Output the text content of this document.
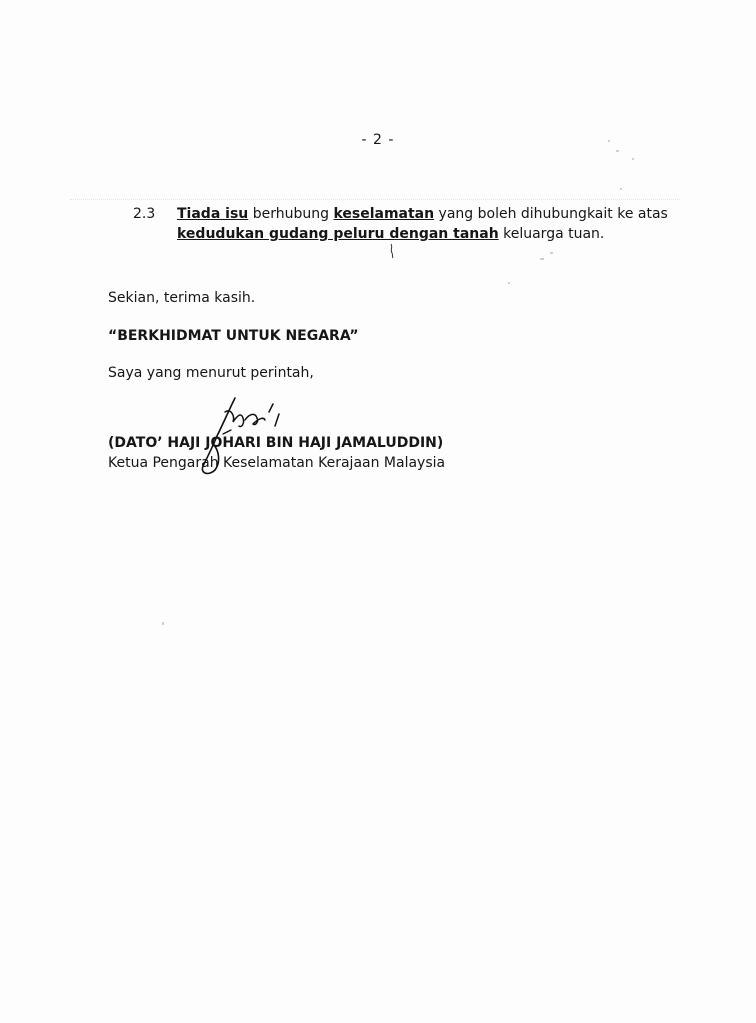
- 2 -
2.3 Tiada isu berhubung keselamatan yang boleh dihubungkait ke atas
kedudukan gudang peluru dengan tanah keluarga tuan.
Sekian, terima kasih.
“BERKHIDMAT UNTUK NEGARA”
Saya yang menurut perintah,
(DATO’ HAJI JOHARI BIN HAJI JAMALUDDIN)
Ketua Pengarah Keselamatan Kerajaan Malaysia
